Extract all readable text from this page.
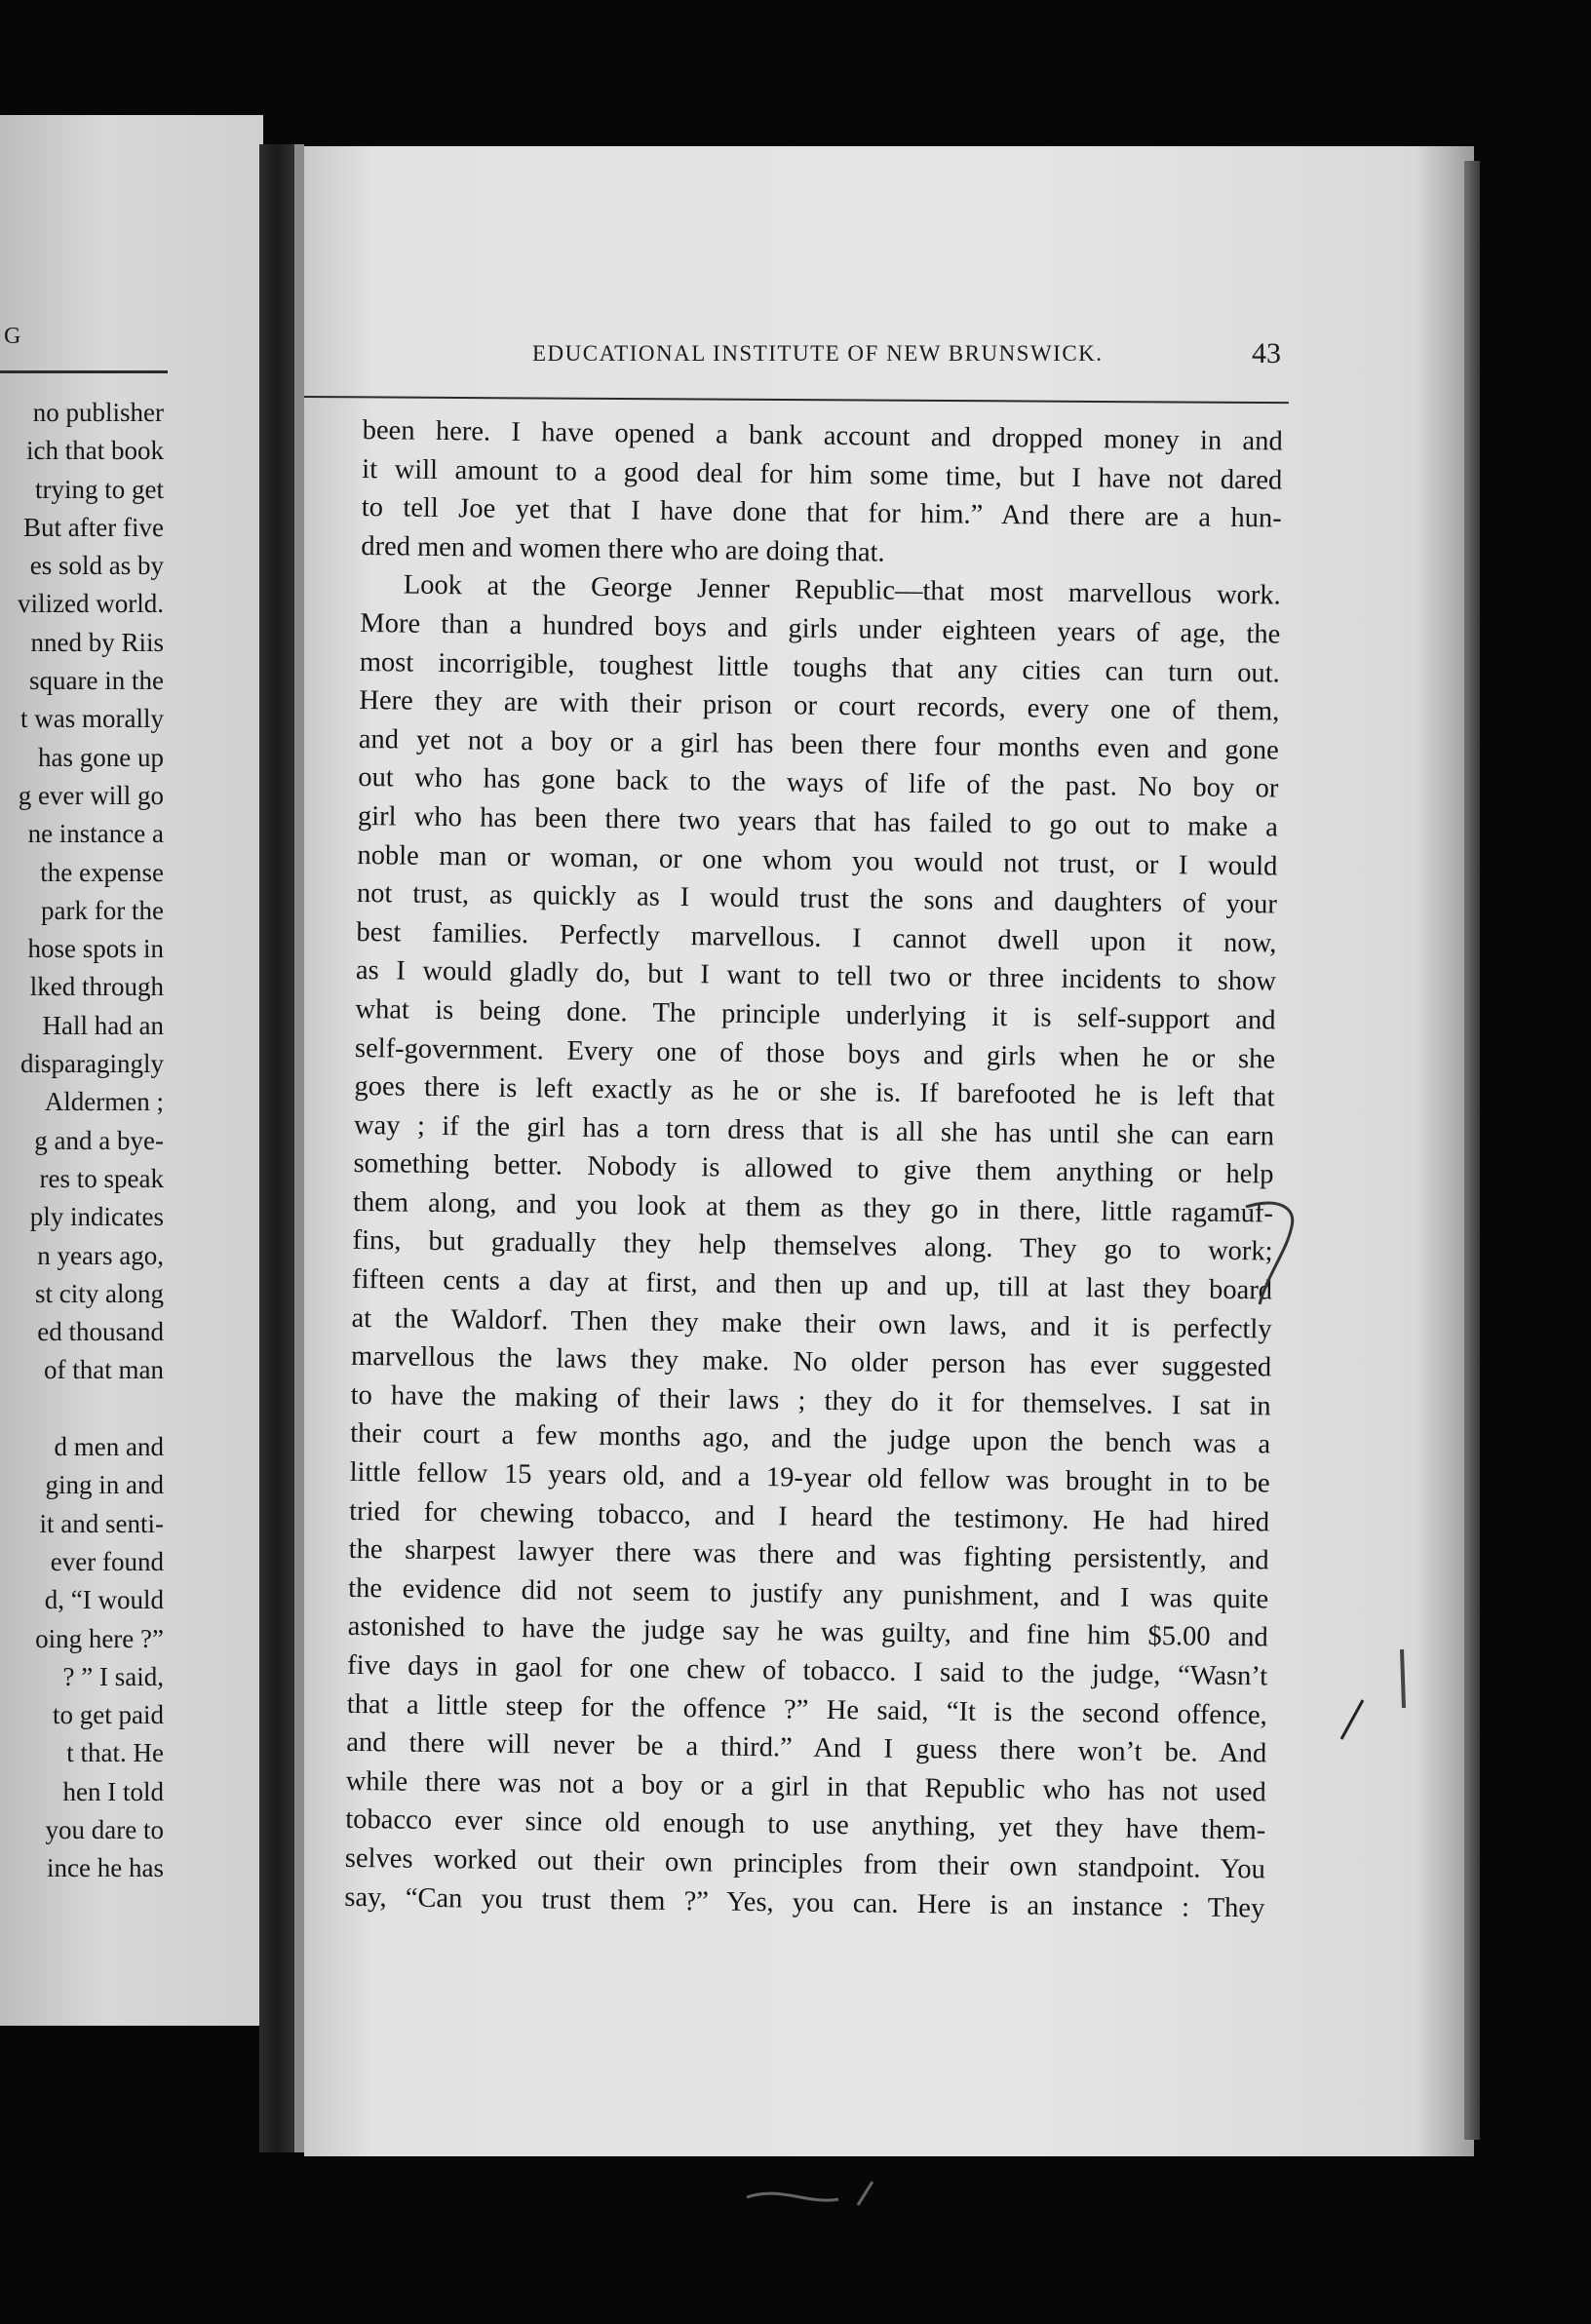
G
no publisher
ich that book
trying to get
But after five
es sold as by
vilized world.
nned by Riis
square in the
t was morally
has gone up
g ever will go
ne instance a
the expense
park for the
hose spots in
lked through
Hall had an
disparagingly
Aldermen ;
g and a bye-
res to speak
ply indicates
n years ago,
st city along
ed thousand
of that man
d men and
ging in and
it and senti-
ever found
d, “I would
oing here ?”
? ” I said,
to get paid
t that. He
hen I told
you dare to
ince he has
EDUCATIONAL INSTITUTE OF NEW BRUNSWICK.	43
been here. I have opened a bank account and dropped money in and
it will amount to a good deal for him some time, but I have not dared
to tell Joe yet that I have done that for him.” And there are a hun-
dred men and women there who are doing that.
Look at the George Jenner Republic—that most marvellous work.
More than a hundred boys and girls under eighteen years of age, the
most incorrigible, toughest little toughs that any cities can turn out.
Here they are with their prison or court records, every one of them,
and yet not a boy or a girl has been there four months even and gone
out who has gone back to the ways of life of the past. No boy or
girl who has been there two years that has failed to go out to make a
noble man or woman, or one whom you would not trust, or I would
not trust, as quickly as I would trust the sons and daughters of your
best families. Perfectly marvellous. I cannot dwell upon it now,
as I would gladly do, but I want to tell two or three incidents to show
what is being done. The principle underlying it is self-support and
self-government. Every one of those boys and girls when he or she
goes there is left exactly as he or she is. If barefooted he is left that
way ; if the girl has a torn dress that is all she has until she can earn
something better. Nobody is allowed to give them anything or help
them along, and you look at them as they go in there, little ragamuf-
fins, but gradually they help themselves along. They go to work;
fifteen cents a day at first, and then up and up, till at last they board
at the Waldorf. Then they make their own laws, and it is perfectly
marvellous the laws they make. No older person has ever suggested
to have the making of their laws ; they do it for themselves. I sat in
their court a few months ago, and the judge upon the bench was a
little fellow 15 years old, and a 19-year old fellow was brought in to be
tried for chewing tobacco, and I heard the testimony. He had hired
the sharpest lawyer there was there and was fighting persistently, and
the evidence did not seem to justify any punishment, and I was quite
astonished to have the judge say he was guilty, and fine him $5.00 and
five days in gaol for one chew of tobacco. I said to the judge, “Wasn’t
that a little steep for the offence ?” He said, “It is the second offence,
and there will never be a third.” And I guess there won’t be. And
while there was not a boy or a girl in that Republic who has not used
tobacco ever since old enough to use anything, yet they have them-
selves worked out their own principles from their own standpoint. You
say, “Can you trust them ?” Yes, you can. Here is an instance : They
